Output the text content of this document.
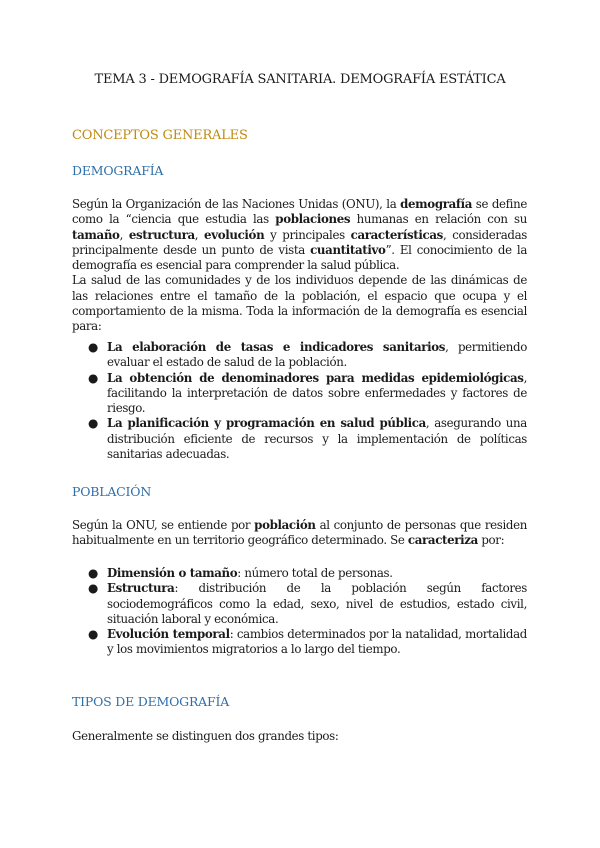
TEMA 3 - DEMOGRAFÍA SANITARIA. DEMOGRAFÍA ESTÁTICA
CONCEPTOS GENERALES
DEMOGRAFÍA

Según la Organización de las Naciones Unidas (ONU), la demografía se define como la “ciencia que estudia las poblaciones humanas en relación con su tamaño, estructura, evolución y principales características, consideradas principalmente desde un punto de vista cuantitativo”. El conocimiento de la demografía es esencial para comprender la salud pública.

La salud de las comunidades y de los individuos depende de las dinámicas de las relaciones entre el tamaño de la población, el espacio que ocupa y el comportamiento de la misma. Toda la información de la demografía es esencial para:

● La elaboración de tasas e indicadores sanitarios, permitiendo evaluar el estado de salud de la población.
● La obtención de denominadores para medidas epidemiológicas, facilitando la interpretación de datos sobre enfermedades y factores de riesgo.
● La planificación y programación en salud pública, asegurando una distribución eficiente de recursos y la implementación de políticas sanitarias adecuadas.
POBLACIÓN

Según la ONU, se entiende por población al conjunto de personas que residen habitualmente en un territorio geográfico determinado. Se caracteriza por:

● Dimensión o tamaño: número total de personas.
● Estructura: distribución de la población según factores sociodemográficos como la edad, sexo, nivel de estudios, estado civil, situación laboral y económica.
● Evolución temporal: cambios determinados por la natalidad, mortalidad y los movimientos migratorios a lo largo del tiempo.
TIPOS DE DEMOGRAFÍA

Generalmente se distinguen dos grandes tipos:
